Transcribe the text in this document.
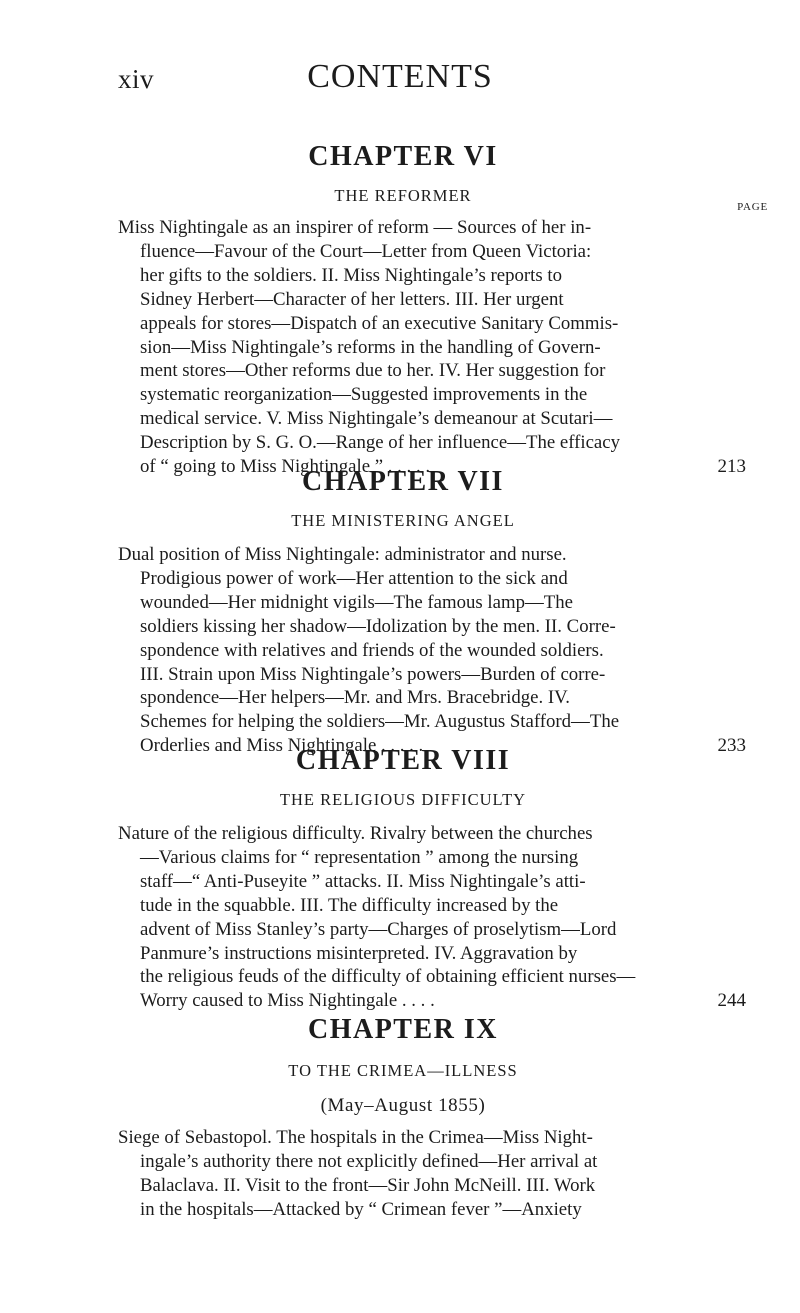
xiv	CONTENTS
CHAPTER VI

THE REFORMER

PAGE
Miss Nightingale as an inspirer of reform — Sources of her in-
fluence—Favour of the Court—Letter from Queen Victoria:
her gifts to the soldiers. II. Miss Nightingale’s reports to
Sidney Herbert—Character of her letters. III. Her urgent
appeals for stores—Dispatch of an executive Sanitary Commis-
sion—Miss Nightingale’s reforms in the handling of Govern-
ment stores—Other reforms due to her. IV. Her suggestion for
systematic reorganization—Suggested improvements in the
medical service. V. Miss Nightingale’s demeanour at Scutari—
Description by S. G. O.—Range of her influence—The efficacy
of “ going to Miss Nightingale ” . . . . .	213
CHAPTER VII

THE MINISTERING ANGEL

Dual position of Miss Nightingale: administrator and nurse.
Prodigious power of work—Her attention to the sick and
wounded—Her midnight vigils—The famous lamp—The
soldiers kissing her shadow—Idolization by the men. II. Corre-
spondence with relatives and friends of the wounded soldiers.
III. Strain upon Miss Nightingale’s powers—Burden of corre-
spondence—Her helpers—Mr. and Mrs. Bracebridge. IV.
Schemes for helping the soldiers—Mr. Augustus Stafford—The
Orderlies and Miss Nightingale . . . . .	233
CHAPTER VIII

THE RELIGIOUS DIFFICULTY

Nature of the religious difficulty. Rivalry between the churches
—Various claims for “ representation ” among the nursing
staff—“ Anti-Puseyite ” attacks. II. Miss Nightingale’s atti-
tude in the squabble. III. The difficulty increased by the
advent of Miss Stanley’s party—Charges of proselytism—Lord
Panmure’s instructions misinterpreted. IV. Aggravation by
the religious feuds of the difficulty of obtaining efficient nurses—
Worry caused to Miss Nightingale . . . .	244
CHAPTER IX

TO THE CRIMEA—ILLNESS

(May–August 1855)

Siege of Sebastopol. The hospitals in the Crimea—Miss Night-
ingale’s authority there not explicitly defined—Her arrival at
Balaclava. II. Visit to the front—Sir John McNeill. III. Work
in the hospitals—Attacked by “ Crimean fever ”—Anxiety
